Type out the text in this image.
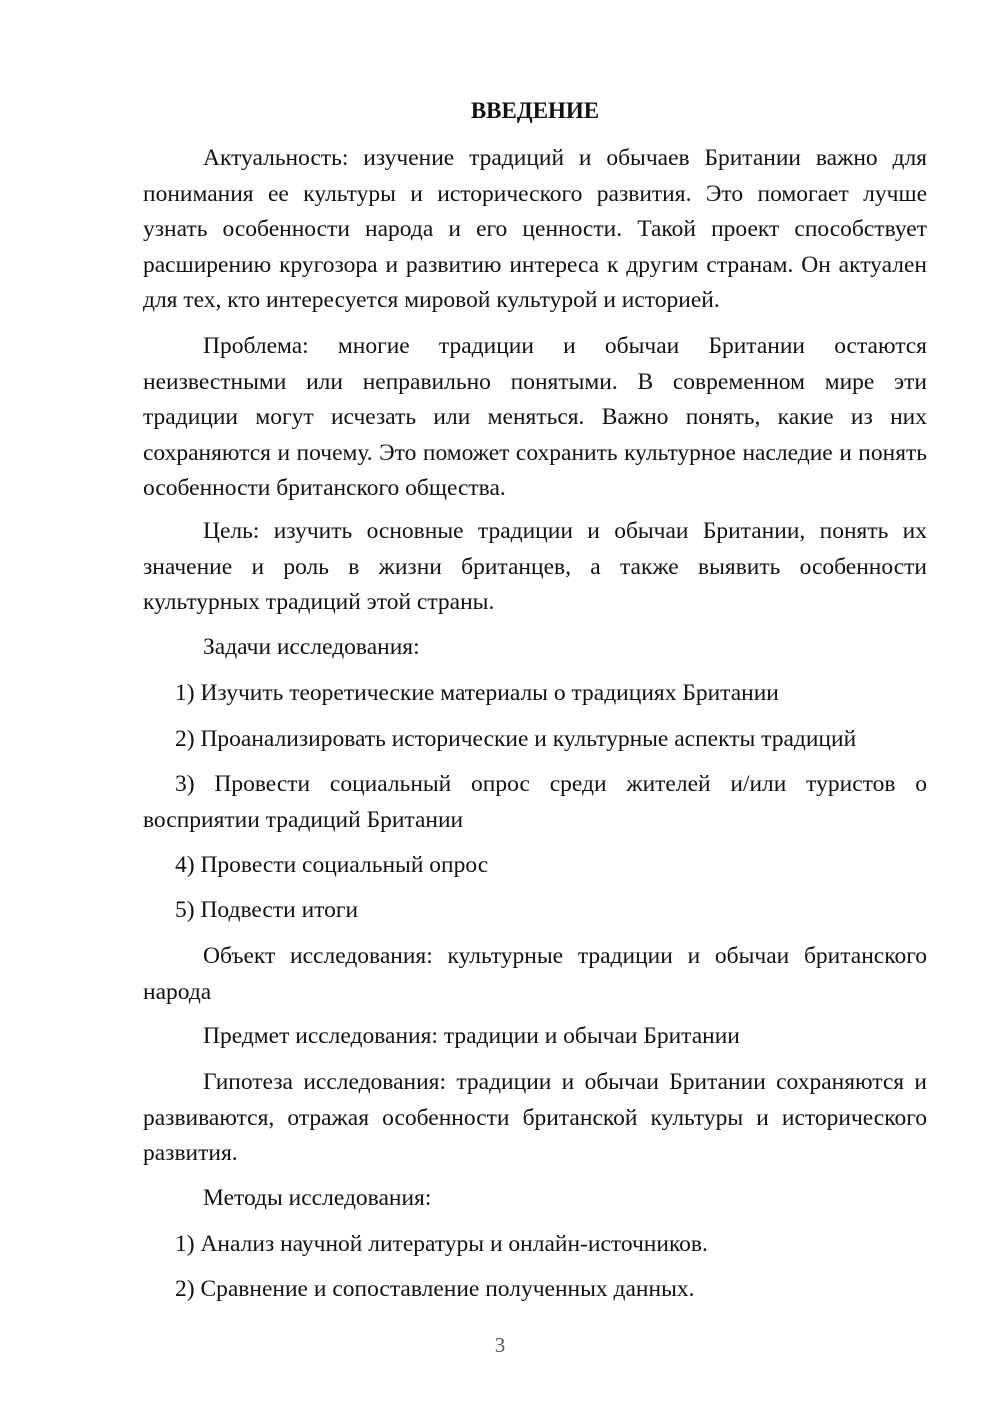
ВВЕДЕНИЕ

Актуальность: изучение традиций и обычаев Британии важно для понимания ее культуры и исторического развития. Это помогает лучше узнать особенности народа и его ценности. Такой проект способствует расширению кругозора и развитию интереса к другим странам. Он актуален для тех, кто интересуется мировой культурой и историей.

Проблема: многие традиции и обычаи Британии остаются неизвестными или неправильно понятыми. В современном мире эти традиции могут исчезать или меняться. Важно понять, какие из них сохраняются и почему. Это поможет сохранить культурное наследие и понять особенности британского общества.

Цель: изучить основные традиции и обычаи Британии, понять их значение и роль в жизни британцев, а также выявить особенности культурных традиций этой страны.

Задачи исследования:

1) Изучить теоретические материалы о традициях Британии

2) Проанализировать исторические и культурные аспекты традиций

3) Провести социальный опрос среди жителей и/или туристов о восприятии традиций Британии

4) Провести социальный опрос

5) Подвести итоги

Объект исследования: культурные традиции и обычаи британского народа

Предмет исследования: традиции и обычаи Британии

Гипотеза исследования: традиции и обычаи Британии сохраняются и развиваются, отражая особенности британской культуры и исторического развития.

Методы исследования:

1) Анализ научной литературы и онлайн-источников.

2) Сравнение и сопоставление полученных данных.

3
